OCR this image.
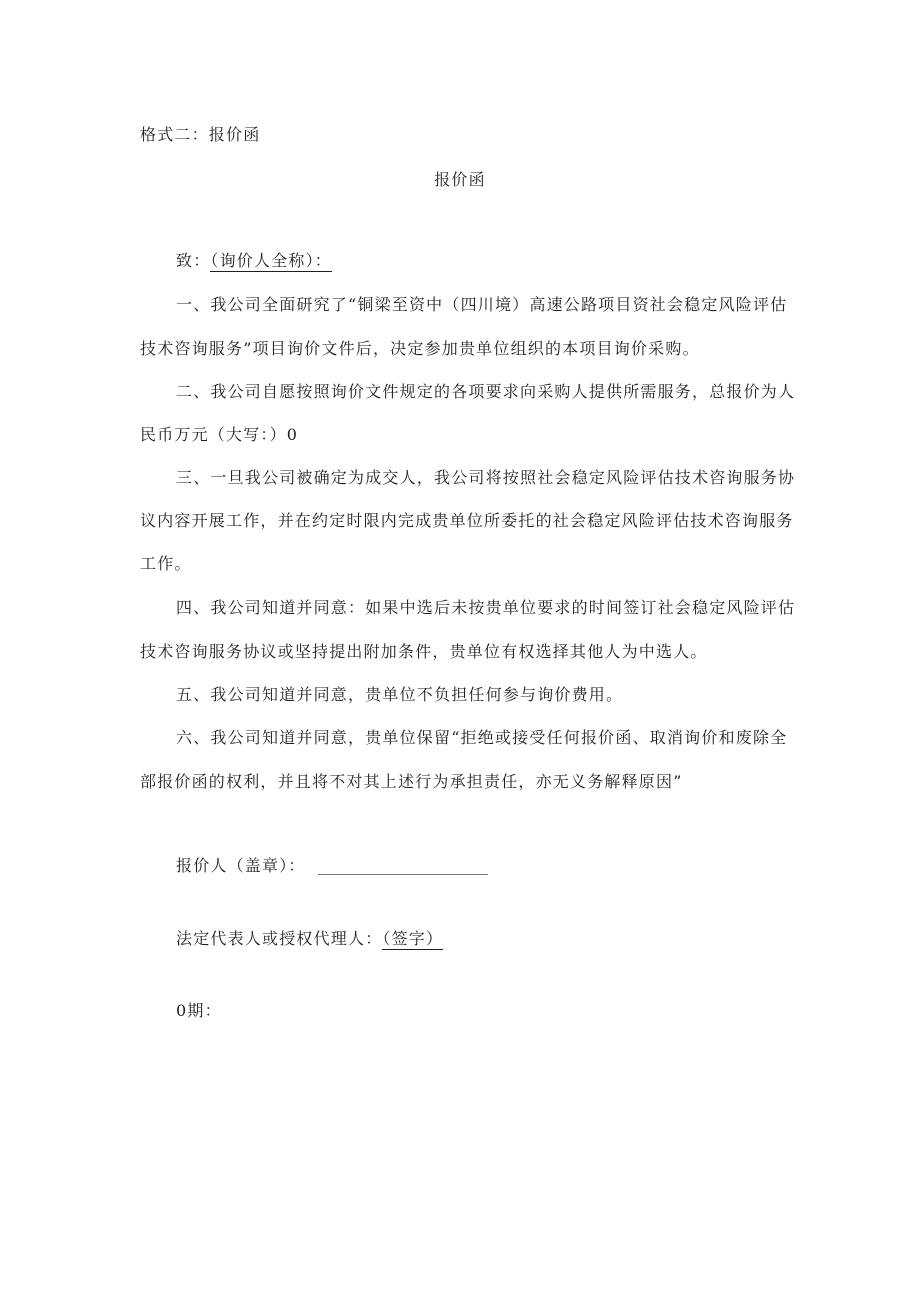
格式二：报价函
报价函
致：（询价人全称）：
一、我公司全面研究了“铜梁至资中（四川境）高速公路项目资社会稳定风险评估
技术咨询服务”项目询价文件后，决定参加贵单位组织的本项目询价采购。
二、我公司自愿按照询价文件规定的各项要求向采购人提供所需服务，总报价为人
民币万元（大写：）0
三、一旦我公司被确定为成交人，我公司将按照社会稳定风险评估技术咨询服务协
议内容开展工作，并在约定时限内完成贵单位所委托的社会稳定风险评估技术咨询服务
工作。
四、我公司知道并同意：如果中选后未按贵单位要求的时间签订社会稳定风险评估
技术咨询服务协议或坚持提出附加条件，贵单位有权选择其他人为中选人。
五、我公司知道并同意，贵单位不负担任何参与询价费用。
六、我公司知道并同意，贵单位保留“拒绝或接受任何报价函、取消询价和废除全
部报价函的权利，并且将不对其上述行为承担责任，亦无义务解释原因”
报价人（盖章）：
法定代表人或授权代理人：（签字）
0期：
